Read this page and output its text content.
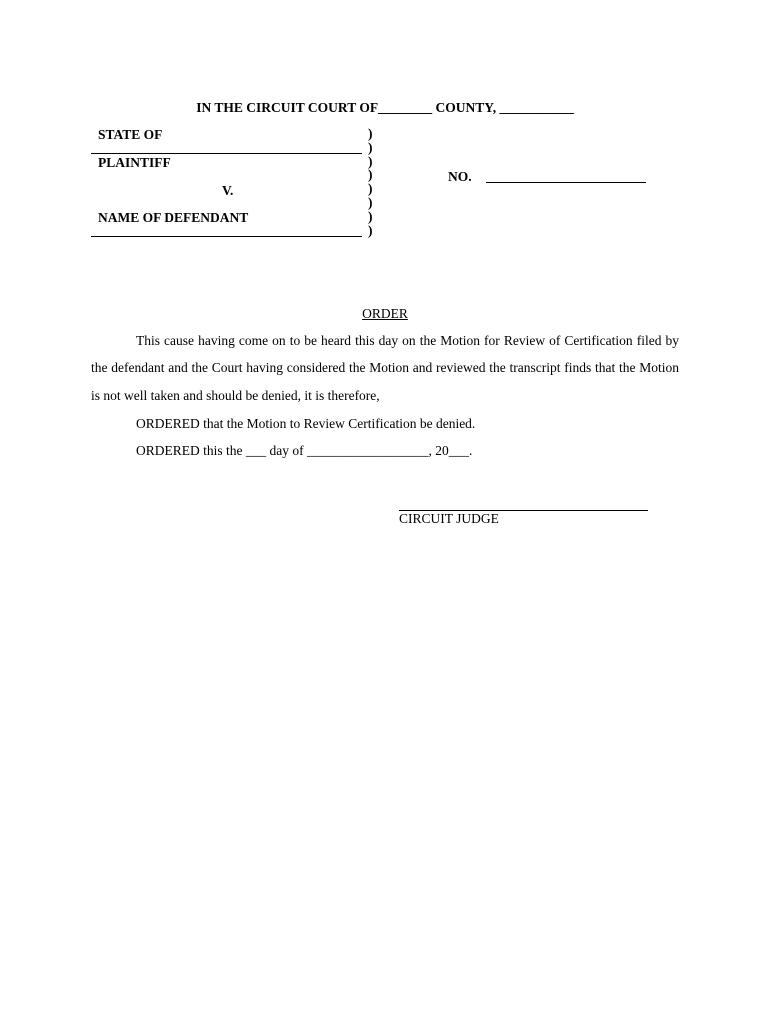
IN THE CIRCUIT COURT OF________ COUNTY, ___________
STATE OF
PLAINTIFF
V.
NAME OF DEFENDANT
)
)
)
)
)
)
)
)
NO.
ORDER
This cause having come on to be heard this day on the Motion for Review of Certification filed by the defendant and the Court having considered the Motion and reviewed the transcript finds that the Motion is not well taken and should be denied, it is therefore,
ORDERED that the Motion to Review Certification be denied.
ORDERED this the ___ day of __________________, 20___.
CIRCUIT JUDGE
